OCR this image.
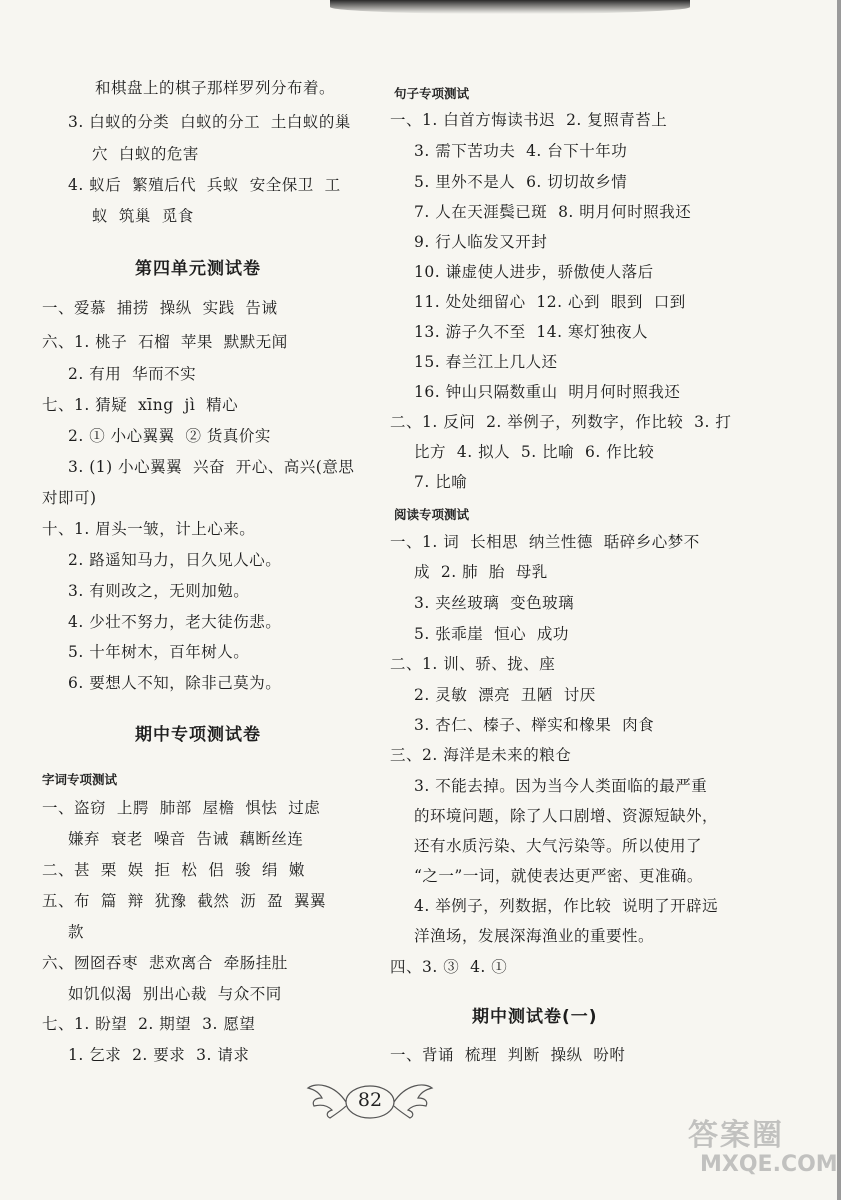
和棋盘上的棋子那样罗列分布着。
3. 白蚁的分类  白蚁的分工  土白蚁的巢
穴  白蚁的危害
4. 蚁后  繁殖后代  兵蚁  安全保卫  工
蚁  筑巢  觅食
第四单元测试卷
一、爱慕  捕捞  操纵  实践  告诫
六、1. 桃子  石榴  苹果  默默无闻
2. 有用  华而不实
七、1. 猜疑  xīng  jì  精心
2. ① 小心翼翼  ② 货真价实
3. (1) 小心翼翼  兴奋  开心、高兴(意思
对即可)
十、1. 眉头一皱，计上心来。
2. 路遥知马力，日久见人心。
3. 有则改之，无则加勉。
4. 少壮不努力，老大徒伤悲。
5. 十年树木，百年树人。
6. 要想人不知，除非己莫为。
期中专项测试卷
字词专项测试
一、盗窃  上腭  肺部  屋檐  惧怯  过虑
嫌弃  衰老  噪音  告诫  藕断丝连
二、甚  栗  娱  拒  松  侣  骏  绢  嫩
五、布  篇  辩  犹豫  截然  沥  盈  翼翼
款
六、囫囵吞枣  悲欢离合  牵肠挂肚
如饥似渴  别出心裁  与众不同
七、1. 盼望  2. 期望  3. 愿望
1. 乞求  2. 要求  3. 请求
句子专项测试
一、1. 白首方悔读书迟  2. 复照青苔上
3. 需下苦功夫  4. 台下十年功
5. 里外不是人  6. 切切故乡情
7. 人在天涯鬓已斑  8. 明月何时照我还
9. 行人临发又开封
10. 谦虚使人进步，骄傲使人落后
11. 处处细留心  12. 心到  眼到  口到
13. 游子久不至  14. 寒灯独夜人
15. 春兰江上几人还
16. 钟山只隔数重山  明月何时照我还
二、1. 反问  2. 举例子，列数字，作比较  3. 打
比方  4. 拟人  5. 比喻  6. 作比较
7. 比喻
阅读专项测试
一、1. 词  长相思  纳兰性德  聒碎乡心梦不
成  2. 肺  胎  母乳
3. 夹丝玻璃  变色玻璃
5. 张乖崖  恒心  成功
二、1. 训、骄、拢、座
2. 灵敏  漂亮  丑陋  讨厌
3. 杏仁、榛子、榉实和橡果  肉食
三、2. 海洋是未来的粮仓
3. 不能去掉。因为当今人类面临的最严重
的环境问题，除了人口剧增、资源短缺外，
还有水质污染、大气污染等。所以使用了
“之一”一词，就使表达更严密、更准确。
4. 举例子，列数据，作比较  说明了开辟远
洋渔场，发展深海渔业的重要性。
四、3. ③  4. ①
期中测试卷(一)
一、背诵  梳理  判断  操纵  吩咐
82
答案圈
MXQE.COM
